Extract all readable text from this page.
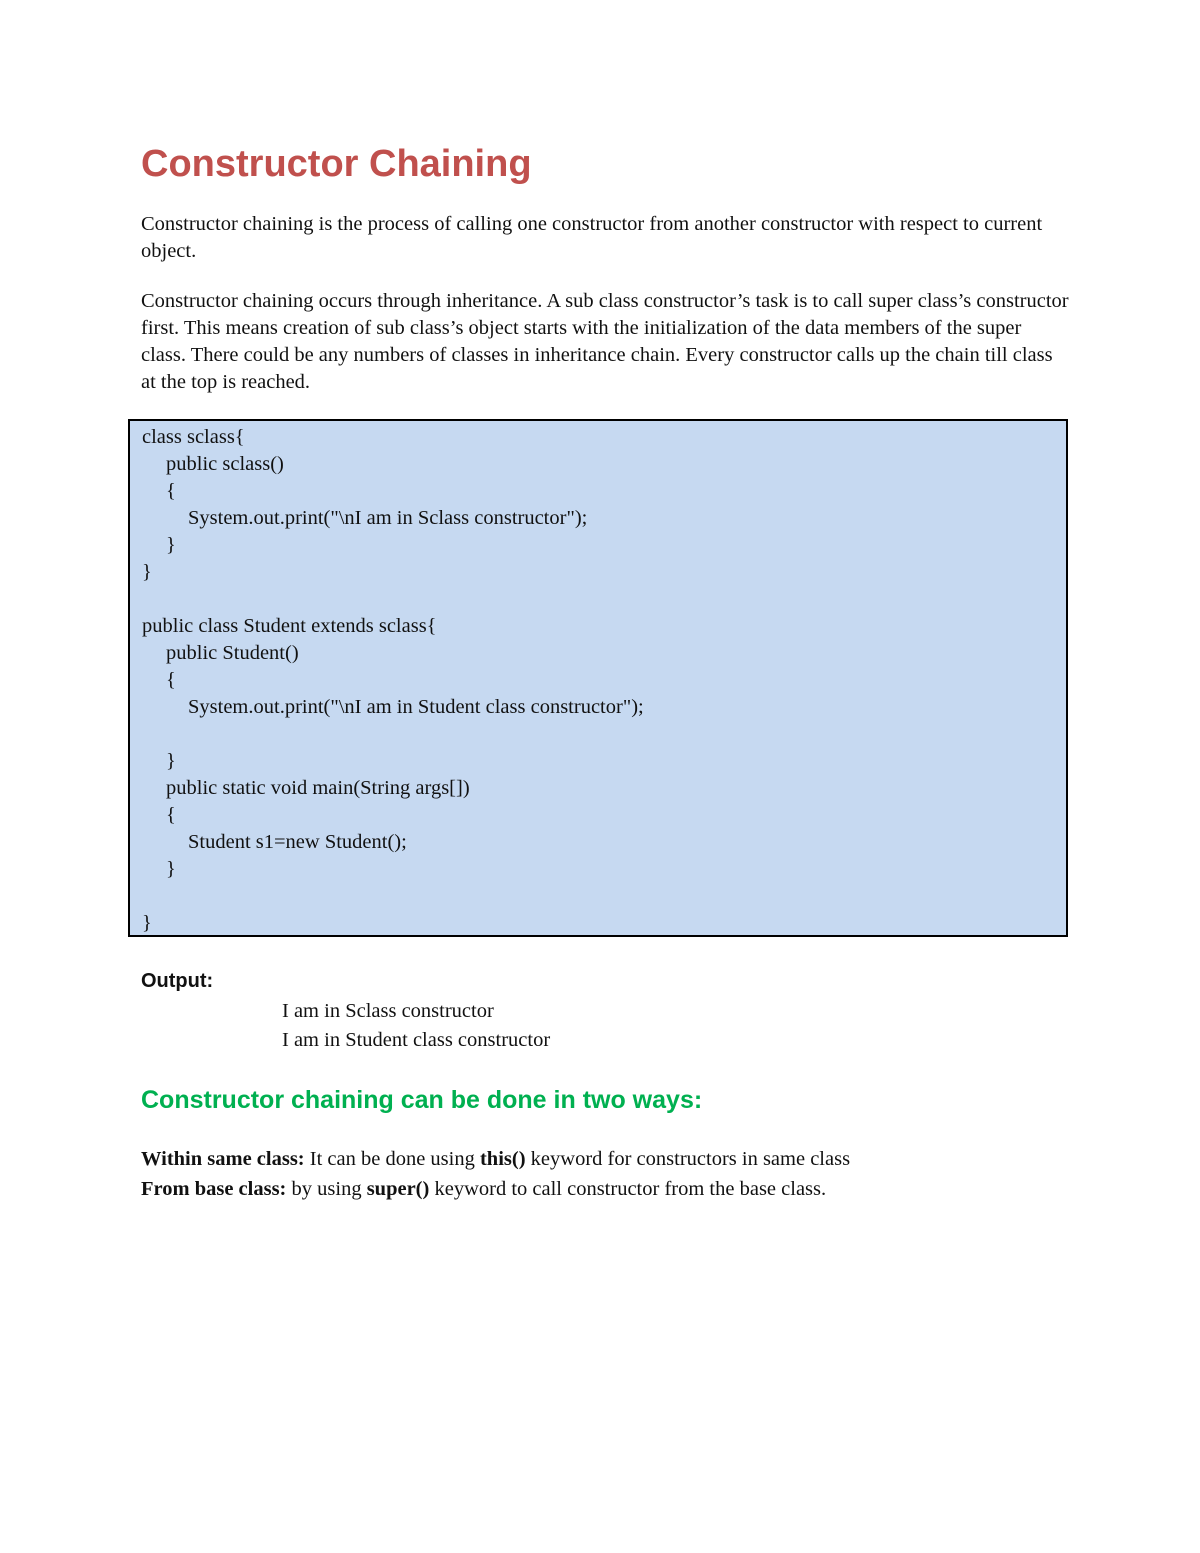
Constructor Chaining

Constructor chaining is the process of calling one constructor from another constructor with respect to current object.

Constructor chaining occurs through inheritance. A sub class constructor’s task is to call super class’s constructor first. This means creation of sub class’s object starts with the initialization of the data members of the super class. There could be any numbers of classes in inheritance chain. Every constructor calls up the chain till class at the top is reached.

class sclass{
public sclass()
{
System.out.print("\nI am in Sclass constructor");
}
}
public class Student extends sclass{
public Student()
{
System.out.print("\nI am in Student class constructor");
}
public static void main(String args[])
{
Student s1=new Student();
}
}
Output:
I am in Sclass constructor
I am in Student class constructor
Constructor chaining can be done in two ways:
Within same class: It can be done using this() keyword for constructors in same class
From base class: by using super() keyword to call constructor from the base class.
